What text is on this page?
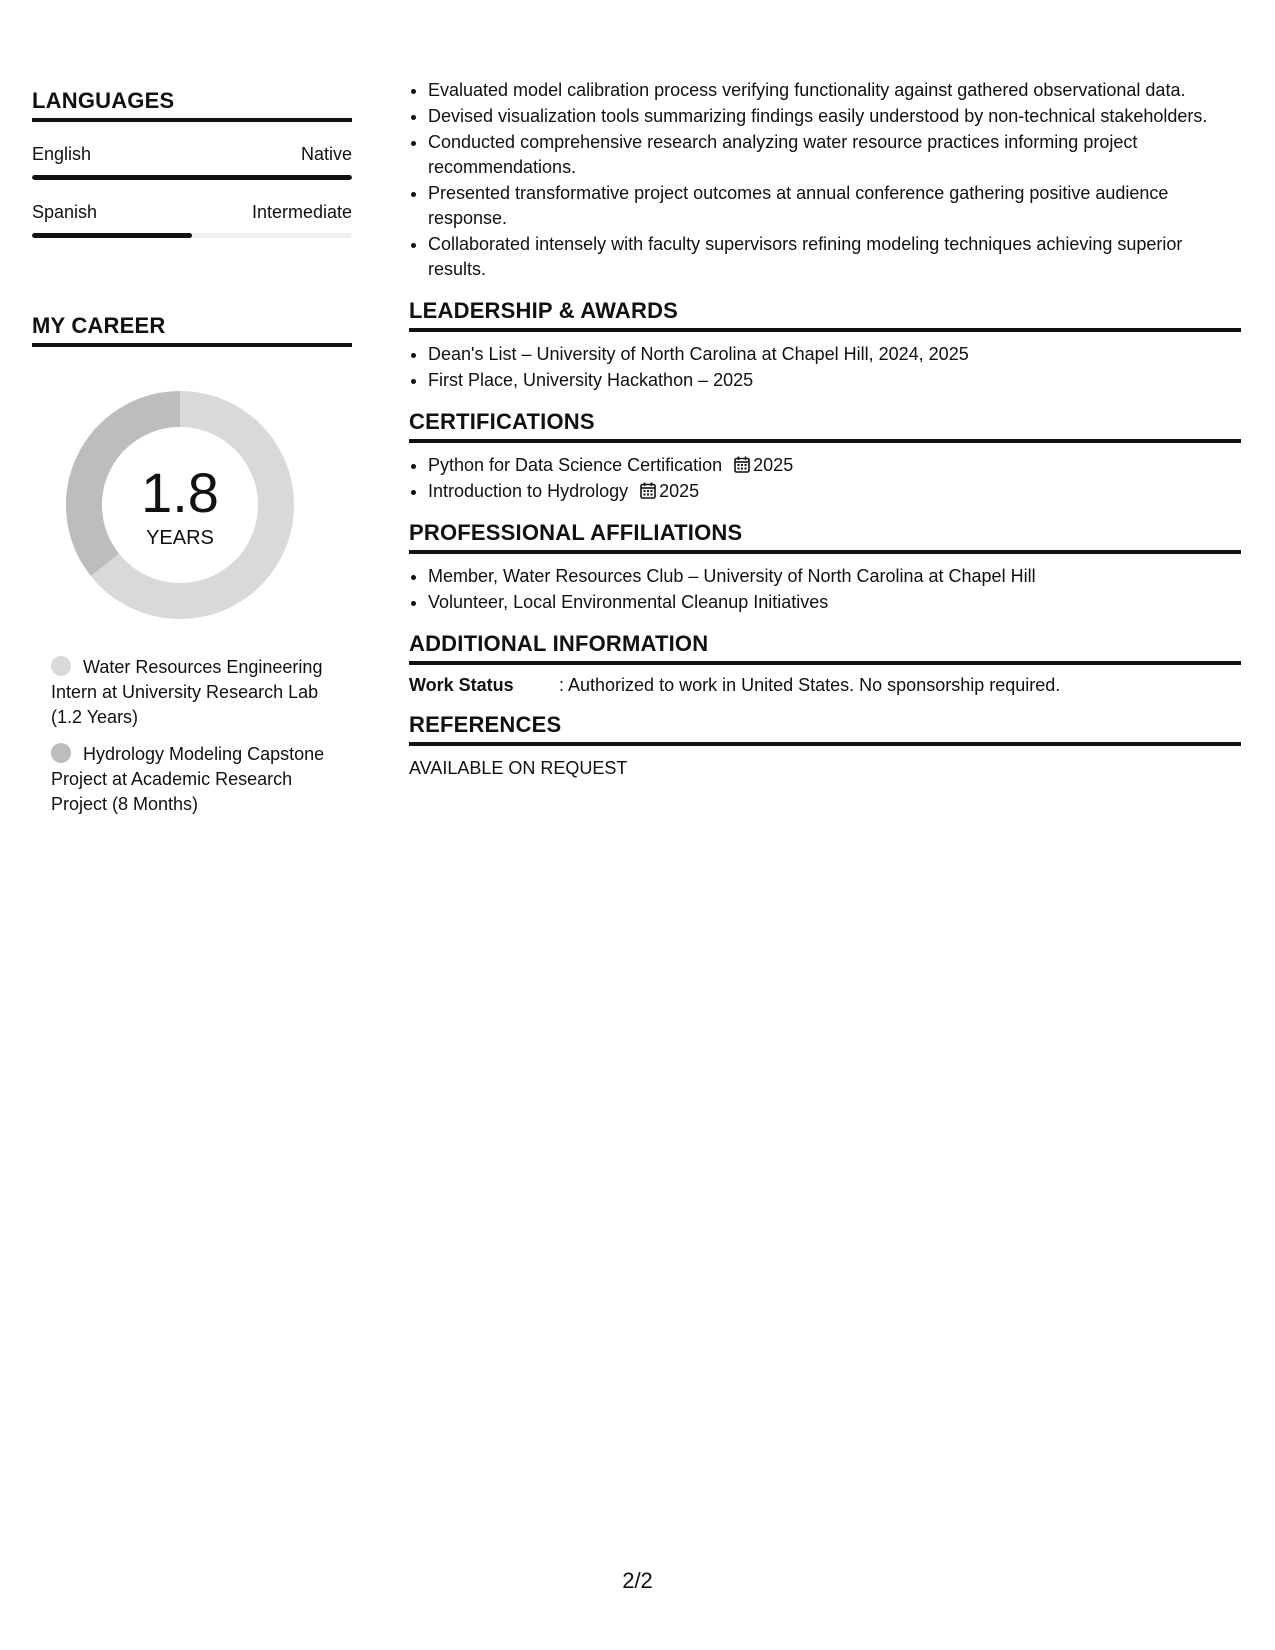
LANGUAGES
English	Native
Spanish	Intermediate
MY CAREER
1.8
YEARS
Water Resources Engineering Intern at University Research Lab (1.2 Years)
Hydrology Modeling Capstone Project at Academic Research Project (8 Months)
• Evaluated model calibration process verifying functionality against gathered observational data.
• Devised visualization tools summarizing findings easily understood by non-technical stakeholders.
• Conducted comprehensive research analyzing water resource practices informing project recommendations.
• Presented transformative project outcomes at annual conference gathering positive audience response.
• Collaborated intensely with faculty supervisors refining modeling techniques achieving superior results.
LEADERSHIP & AWARDS
• Dean's List – University of North Carolina at Chapel Hill, 2024, 2025
• First Place, University Hackathon – 2025
CERTIFICATIONS
• Python for Data Science Certification 2025
• Introduction to Hydrology 2025
PROFESSIONAL AFFILIATIONS
• Member, Water Resources Club – University of North Carolina at Chapel Hill
• Volunteer, Local Environmental Cleanup Initiatives
ADDITIONAL INFORMATION
Work Status	: Authorized to work in United States. No sponsorship required.
REFERENCES
AVAILABLE ON REQUEST
2/2
